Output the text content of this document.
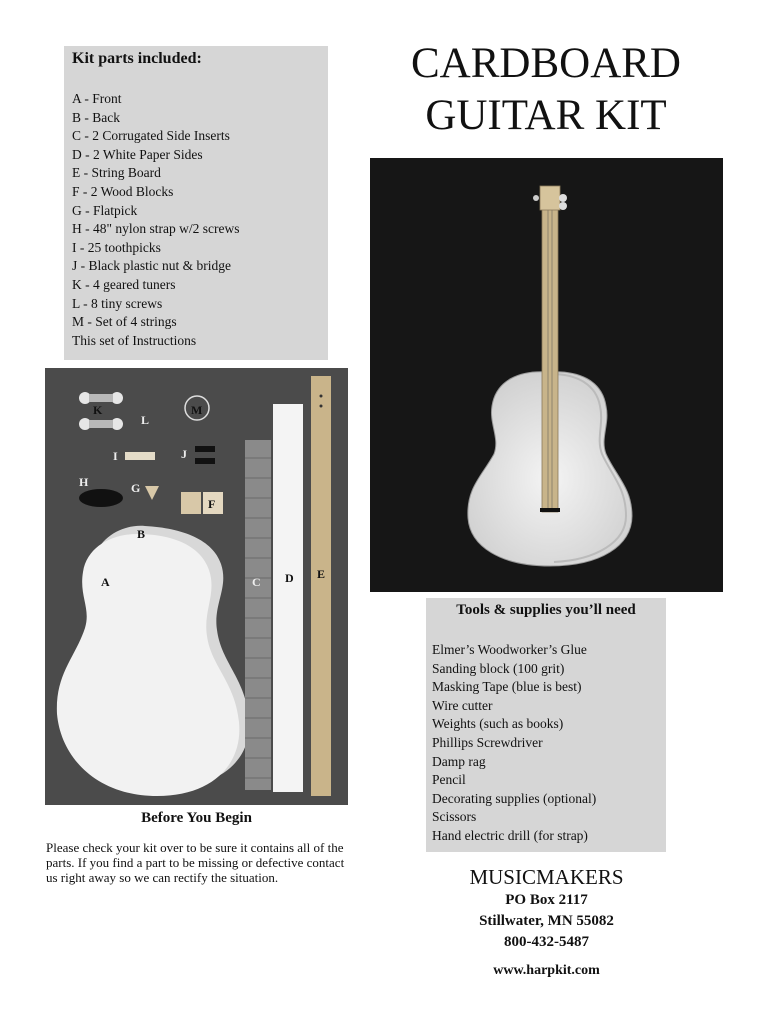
Kit parts included:
A - Front
B - Back
C - 2 Corrugated Side Inserts
D - 2 White Paper Sides
E - String Board
F - 2 Wood Blocks
G - Flatpick
H - 48" nylon strap w/2 screws
I - 25 toothpicks
J - Black plastic nut & bridge
K - 4 geared tuners
L - 8 tiny screws
M - Set of 4 strings
This set of Instructions
CARDBOARD
GUITAR KIT
K
L
M
I	J
H	G
F
B
A	C D E
Before You Begin

Please check your kit over to be sure it contains all of the parts. If you find a part to be missing or defective contact us right away so we can rectify the situation.

Tools & supplies you’ll need
Elmer’s Woodworker’s Glue
Sanding block (100 grit)
Masking Tape (blue is best)
Wire cutter
Weights (such as books)
Phillips Screwdriver
Damp rag
Pencil
Decorating supplies (optional)
Scissors
Hand electric drill (for strap)
MUSICMAKERS

PO Box 2117

Stillwater, MN 55082

800-432-5487

www.harpkit.com
